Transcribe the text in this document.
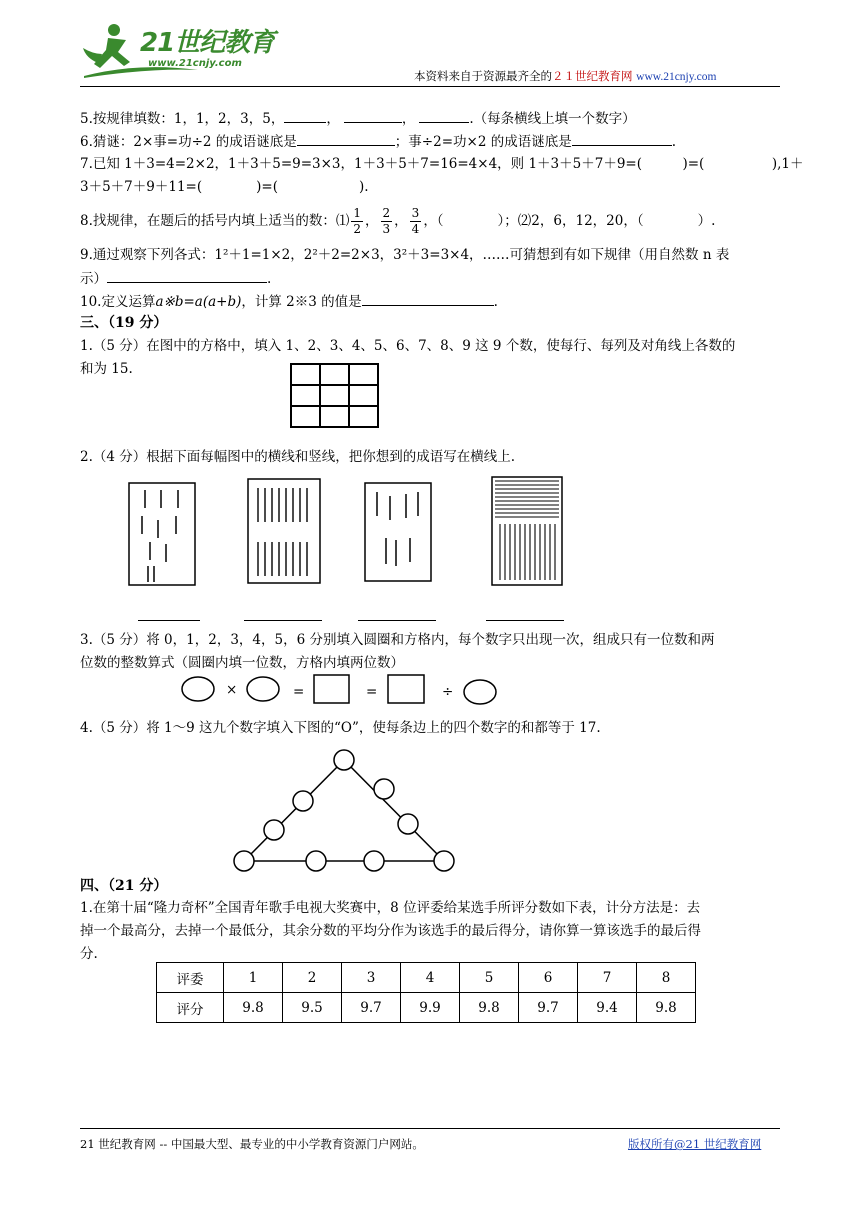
21世纪教育
www.21cnjy.com
本资料来自于资源最齐全的２１世纪教育网 www.21cnjy.com
5.按规律填数：1，1，2，3，5，	，	，	.（每条横线上填一个数字）
6.猜谜：2×事=功÷2 的成语谜底是	；事÷2=功×2 的成语谜底是	.
7.已知 1＋3=4=2×2，1＋3＋5=9=3×3，1＋3＋5＋7=16=4×4，则 1＋3＋5＋7＋9=(　　　)=(　　　　　),1＋
3＋5＋7＋9＋11=(　　　　)=(　　　　　　).
8.找规律，在题后的括号内填上适当的数：⑴ $\frac{1}{2}$ ， $\frac{2}{3}$ ， $\frac{3}{4}$ ，（　　　　）；⑵2，6，12，20，（　　　　）.
9.通过观察下列各式：1²＋1=1×2，2²＋2=2×3，3²＋3=3×4，……可猜想到有如下规律（用自然数 n 表
示）	.
10.定义运算a※b=a(a+b)，计算 2※3 的值是	.
三、（19 分）
1.（5 分）在图中的方格中，填入 1、2、3、4、5、6、7、8、9 这 9 个数，使每行、每列及对角线上各数的
和为 15.
2.（4 分）根据下面每幅图中的横线和竖线，把你想到的成语写在横线上.
3.（5 分）将 0，1，2，3，4，5，6 分别填入圆圈和方格内，每个数字只出现一次，组成只有一位数和两
位数的整数算式（圆圈内填一位数，方格内填两位数）
×	=	=	÷
4.（5 分）将 1～9 这九个数字填入下图的“O”，使每条边上的四个数字的和都等于 17.
四、（21 分）
1.在第十届“隆力奇杯”全国青年歌手电视大奖赛中，8 位评委给某选手所评分数如下表，计分方法是：去
掉一个最高分，去掉一个最低分，其余分数的平均分作为该选手的最后得分，请你算一算该选手的最后得
分.
评委	1	2	3	4	5	6	7	8
评分	9.8	9.5	9.7	9.9	9.8	9.7	9.4	9.8
21 世纪教育网 -- 中国最大型、最专业的中小学教育资源门户网站。	版权所有@21 世纪教育网
